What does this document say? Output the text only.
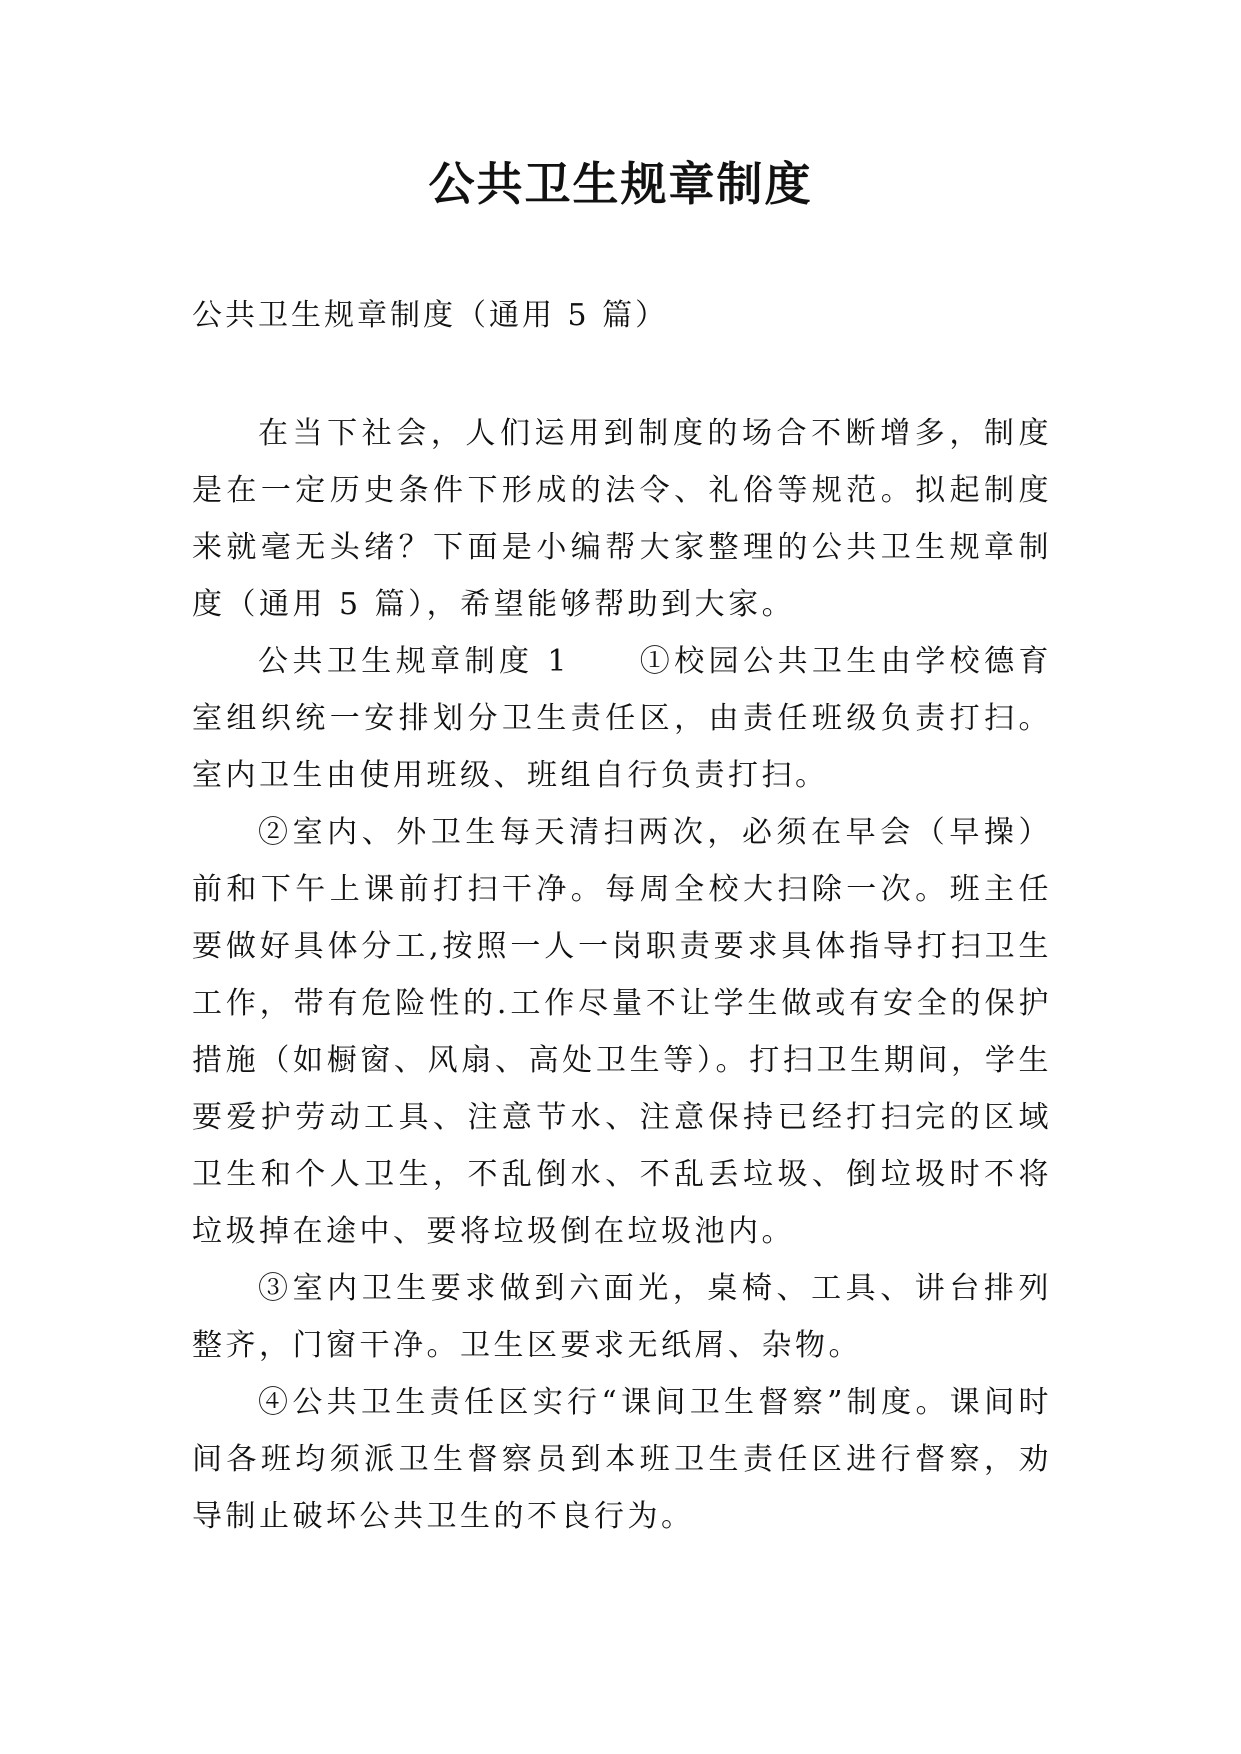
公共卫生规章制度

公共卫生规章制度（通用 5 篇）

在当下社会，人们运用到制度的场合不断增多，制度是在一定历史条件下形成的法令、礼俗等规范。拟起制度来就毫无头绪？下面是小编帮大家整理的公共卫生规章制度（通用 5 篇），希望能够帮助到大家。

公共卫生规章制度 1　　①校园公共卫生由学校德育室组织统一安排划分卫生责任区，由责任班级负责打扫。室内卫生由使用班级、班组自行负责打扫。

②室内、外卫生每天清扫两次，必须在早会（早操）前和下午上课前打扫干净。每周全校大扫除一次。班主任要做好具体分工,按照一人一岗职责要求具体指导打扫卫生工作，带有危险性的.工作尽量不让学生做或有安全的保护措施（如橱窗、风扇、高处卫生等）。打扫卫生期间，学生要爱护劳动工具、注意节水、注意保持已经打扫完的区域卫生和个人卫生，不乱倒水、不乱丢垃圾、倒垃圾时不将垃圾掉在途中、要将垃圾倒在垃圾池内。

③室内卫生要求做到六面光，桌椅、工具、讲台排列整齐，门窗干净。卫生区要求无纸屑、杂物。

④公共卫生责任区实行“课间卫生督察”制度。课间时间各班均须派卫生督察员到本班卫生责任区进行督察，劝导制止破坏公共卫生的不良行为。
